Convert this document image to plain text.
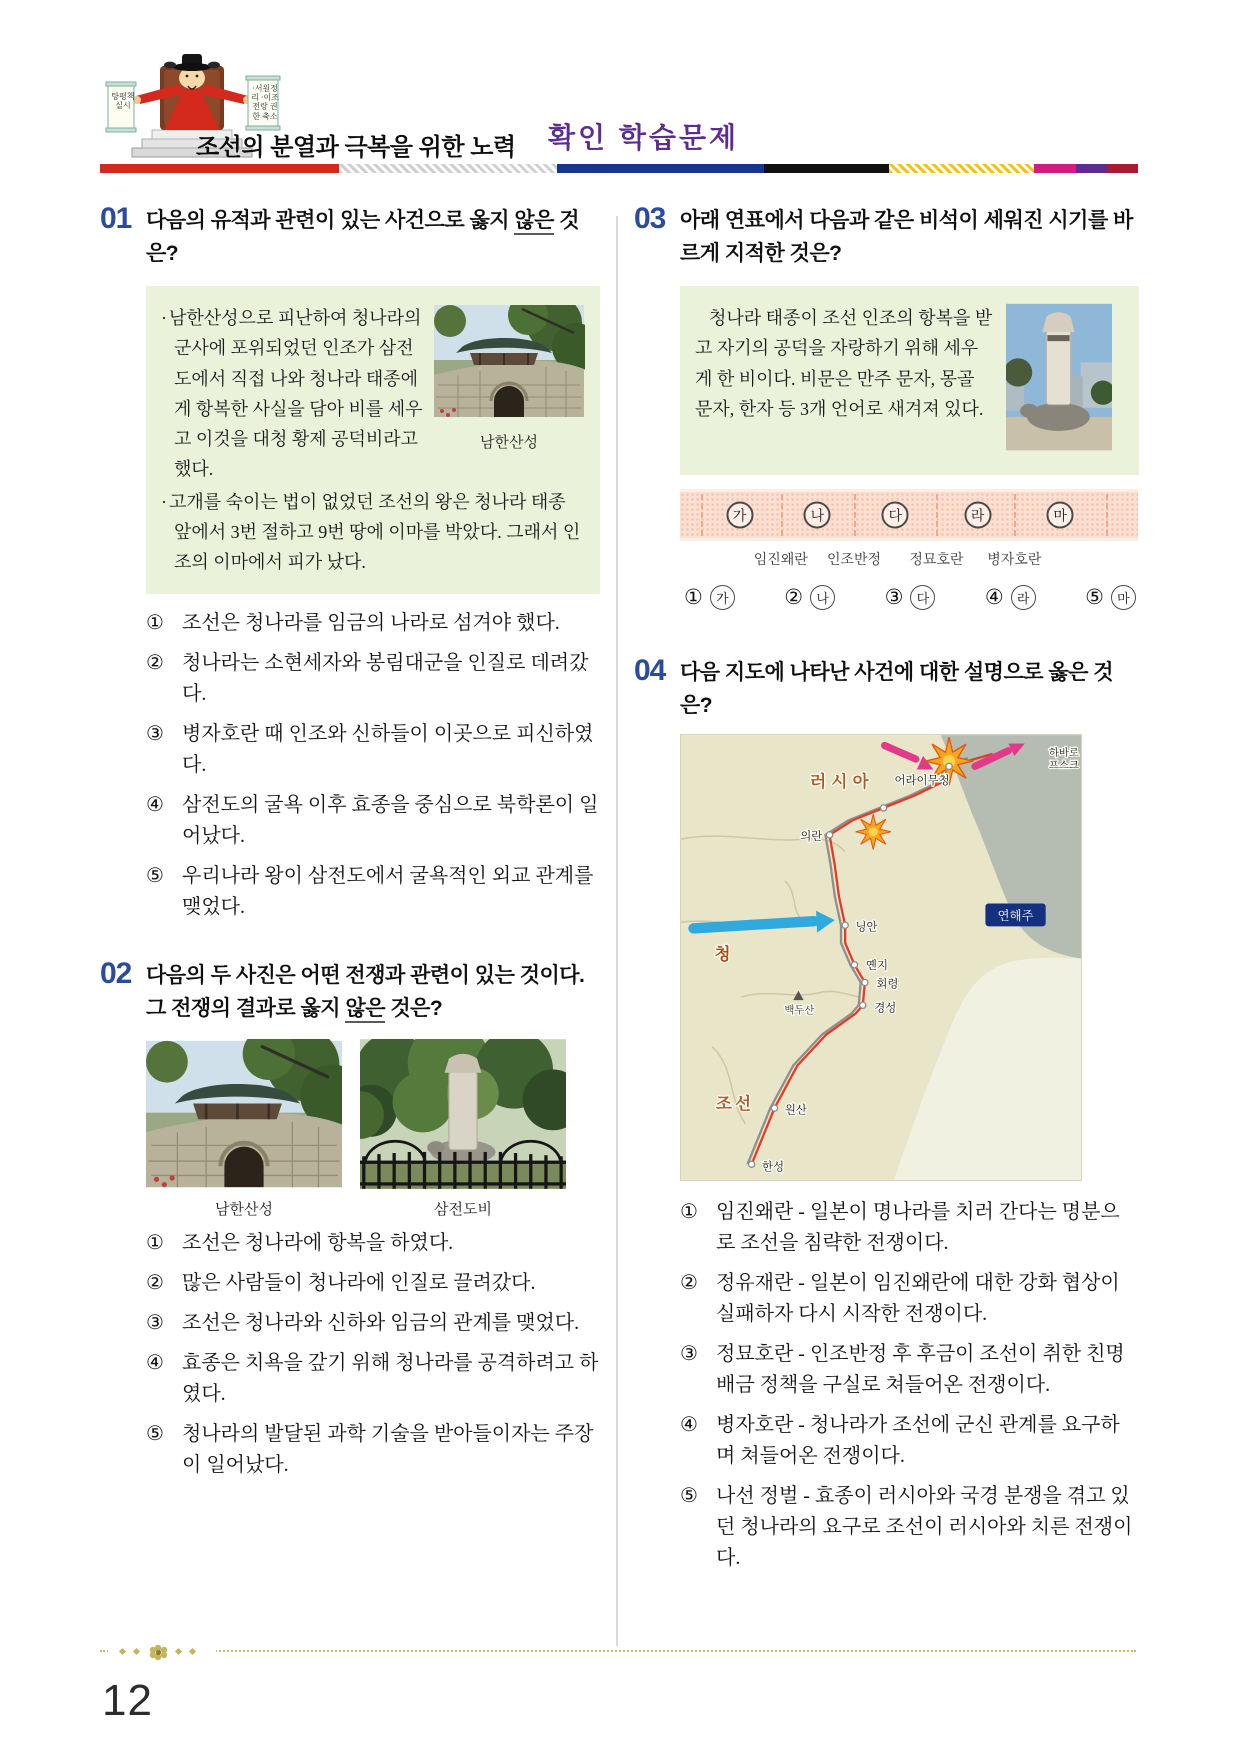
탕평책 실시
·서원정리 ·이조전랑 권한 축소
조선의 분열과 극복을 위한 노력 확인 학습문제
01 다음의 유적과 관련이 있는 사건으로 옳지 않은 것은?
남한산성

· 남한산성으로 피난하여 청나라의 군사에 포위되었던 인조가 삼전도에서 직접 나와 청나라 태종에게 항복한 사실을 담아 비를 세우고 이것을 대청 황제 공덕비라고 했다.

· 고개를 숙이는 법이 없었던 조선의 왕은 청나라 태종 앞에서 3번 절하고 9번 땅에 이마를 박았다. 그래서 인조의 이마에서 피가 났다.

① 조선은 청나라를 임금의 나라로 섬겨야 했다.
② 청나라는 소현세자와 봉림대군을 인질로 데려갔다.
③ 병자호란 때 인조와 신하들이 이곳으로 피신하였다.
④ 삼전도의 굴욕 이후 효종을 중심으로 북학론이 일어났다.
⑤ 우리나라 왕이 삼전도에서 굴욕적인 외교 관계를 맺었다.
02 다음의 두 사진은 어떤 전쟁과 관련이 있는 것이다. 그 전쟁의 결과로 옳지 않은 것은?
남한산성	삼전도비
① 조선은 청나라에 항복을 하였다.
② 많은 사람들이 청나라에 인질로 끌려갔다.
③ 조선은 청나라와 신하와 임금의 관계를 맺었다.
④ 효종은 치욕을 갚기 위해 청나라를 공격하려고 하였다.
⑤ 청나라의 발달된 과학 기술을 받아들이자는 주장이 일어났다.
03 아래 연표에서 다음과 같은 비석이 세워진 시기를 바르게 지적한 것은?

청나라 태종이 조선 인조의 항복을 받고 자기의 공덕을 자랑하기 위해 세우게 한 비이다. 비문은 만주 문자, 몽골 문자, 한자 등 3개 언어로 새겨져 있다.

가	나	다	라	마
임진왜란 인조반정 정묘호란 병자호란
①	가	②	나	③	다	④	라	⑤	마
04 다음 지도에 나타난 사건에 대한 설명으로 옳은 것은?
러시아
청
조선
하바로
프스크
어라이무청
의란
닝안
옌지
회령
경성
백두산
원산
한성
연해주
① 임진왜란 - 일본이 명나라를 치러 간다는 명분으로 조선을 침략한 전쟁이다.
② 정유재란 - 일본이 임진왜란에 대한 강화 협상이 실패하자 다시 시작한 전쟁이다.
③ 정묘호란 - 인조반정 후 후금이 조선이 취한 친명배금 정책을 구실로 쳐들어온 전쟁이다.
④ 병자호란 - 청나라가 조선에 군신 관계를 요구하며 쳐들어온 전쟁이다.
⑤ 나선 정벌 - 효종이 러시아와 국경 분쟁을 겪고 있던 청나라의 요구로 조선이 러시아와 치른 전쟁이다.
12
